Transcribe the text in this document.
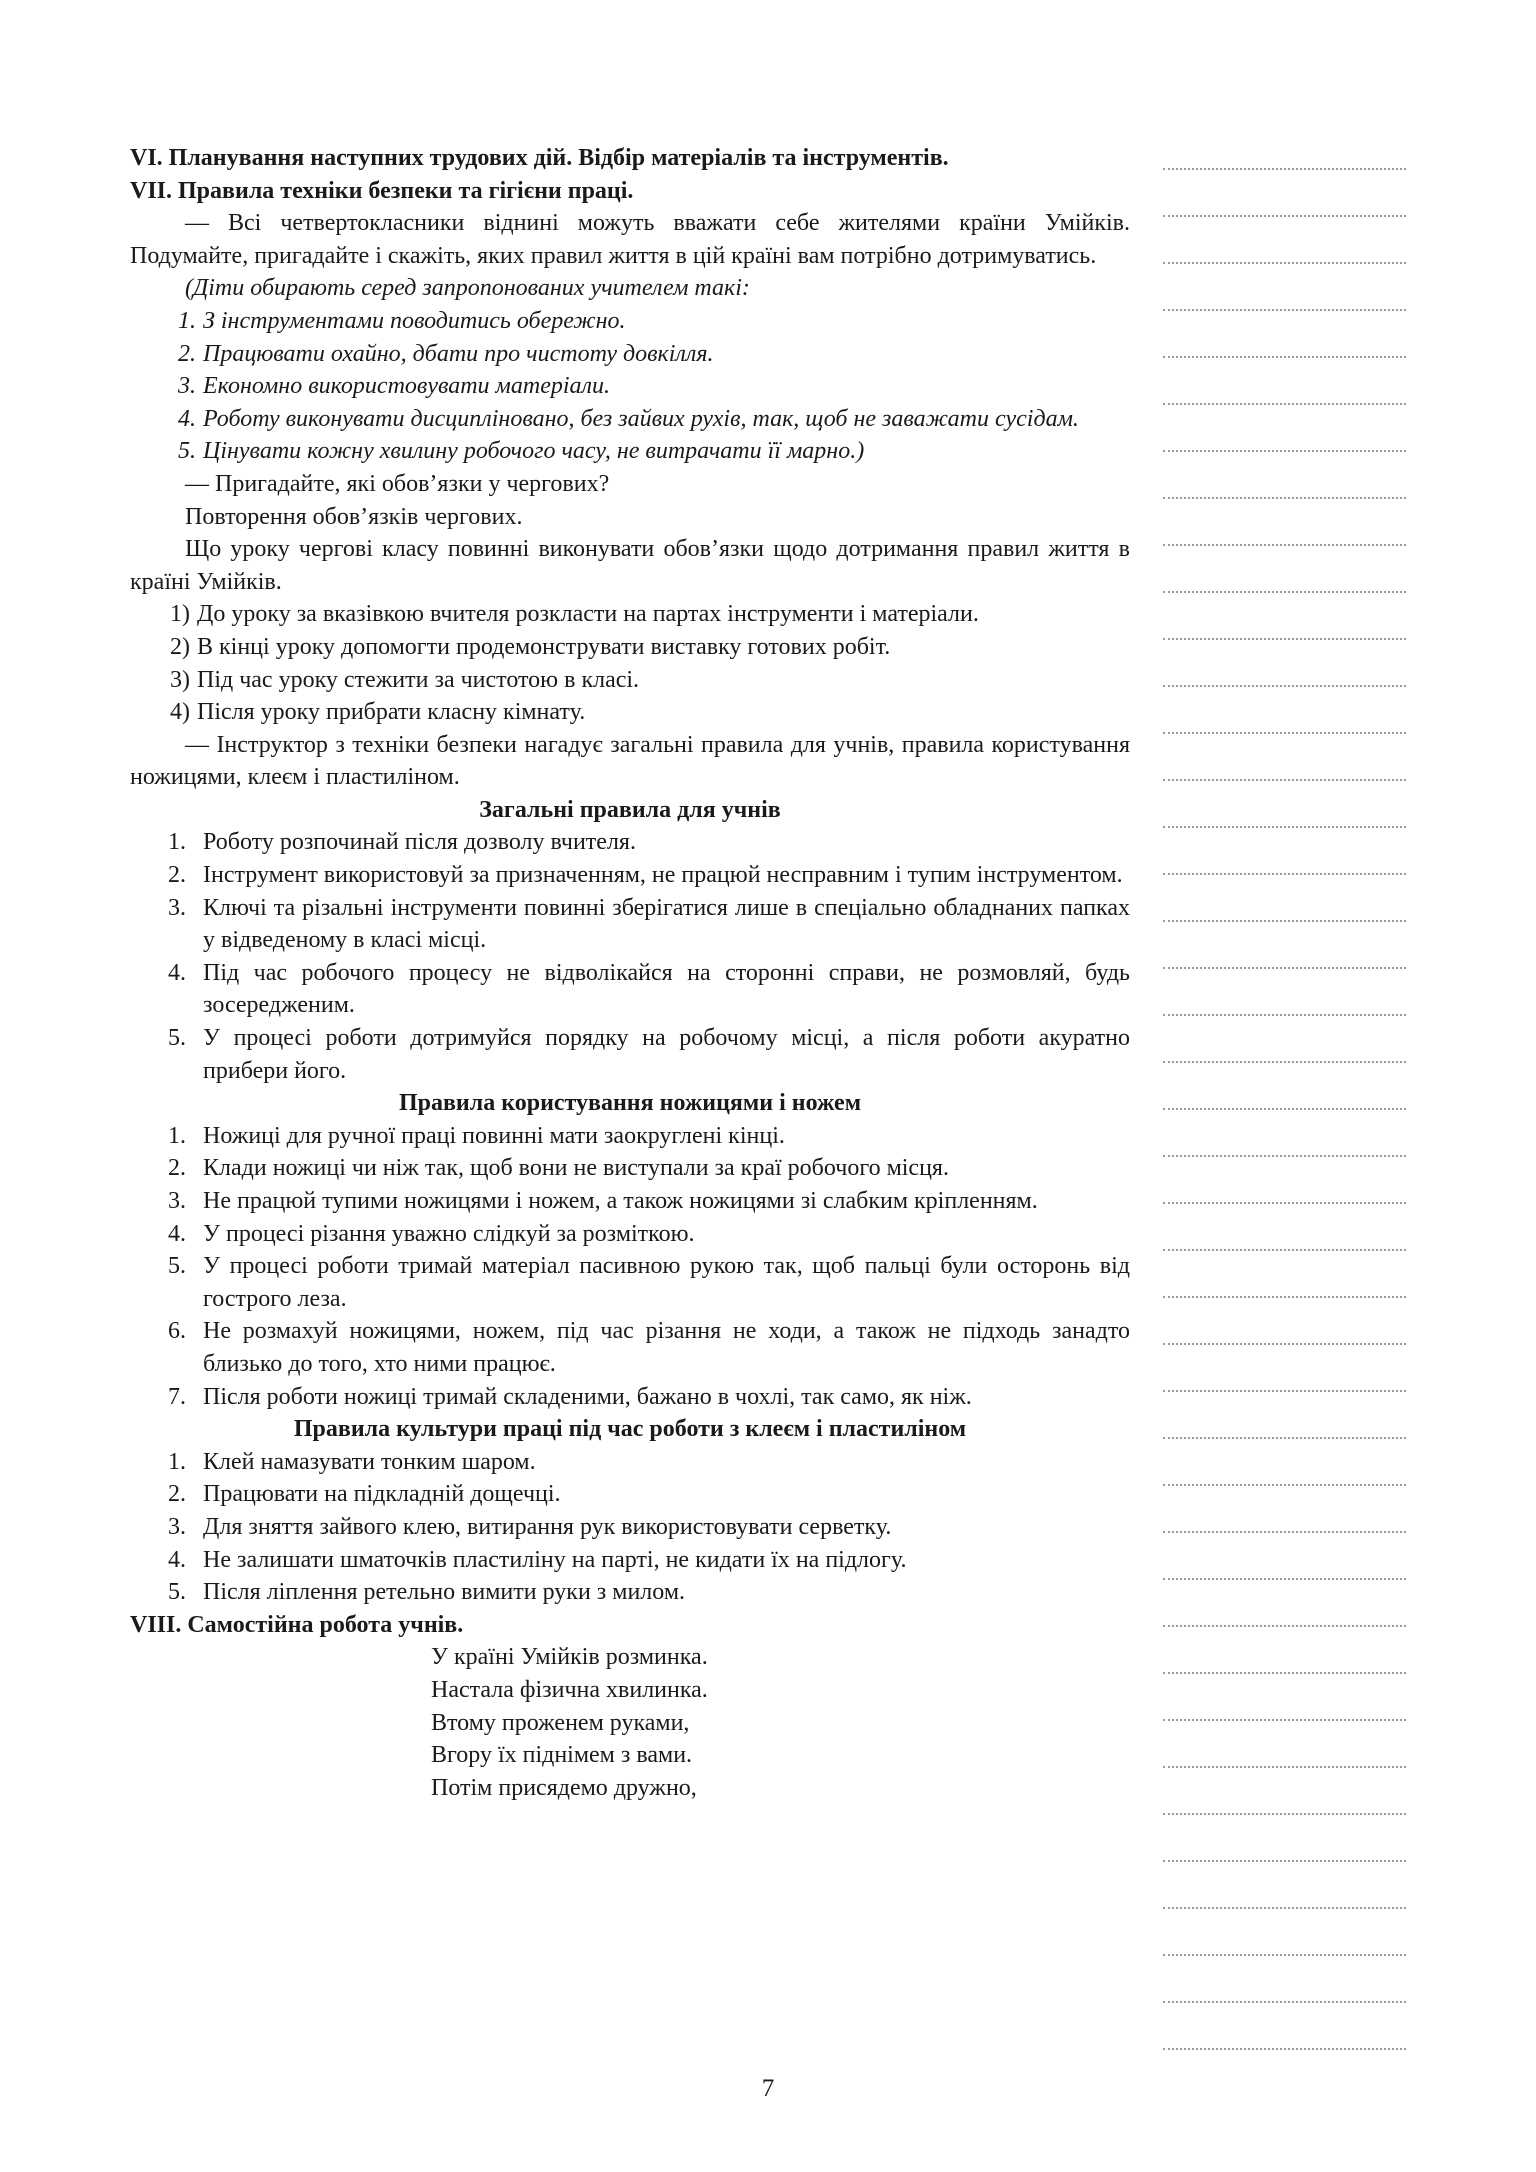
VI. Планування наступних трудових дій. Відбір матеріалів та інструментів.
VII. Правила техніки безпеки та гігієни праці.
— Всі четвертокласники віднині можуть вважати себе жителями країни Умійків. Подумайте, пригадайте і скажіть, яких правил життя в цій країні вам потрібно дотримуватись.
(Діти обирають серед запропонованих учителем такі:
1. З інструментами поводитись обережно.
2. Працювати охайно, дбати про чистоту довкілля.
3. Економно використовувати матеріали.
4. Роботу виконувати дисципліновано, без зайвих рухів, так, щоб не заважати сусідам.
5. Цінувати кожну хвилину робочого часу, не витрачати її марно.)
— Пригадайте, які обов’язки у чергових?
Повторення обов’язків чергових.
Що уроку чергові класу повинні виконувати обов’язки щодо дотримання правил життя в країні Умійків.
1) До уроку за вказівкою вчителя розкласти на партах інструменти і матеріали.
2) В кінці уроку допомогти продемонструвати виставку готових робіт.
3) Під час уроку стежити за чистотою в класі.
4) Після уроку прибрати класну кімнату.
— Інструктор з техніки безпеки нагадує загальні правила для учнів, правила користування ножицями, клеєм і пластиліном.
Загальні правила для учнів
1. Роботу розпочинай після дозволу вчителя.
2. Інструмент використовуй за призначенням, не працюй несправним і тупим інструментом.
3. Ключі та різальні інструменти повинні зберігатися лише в спеціально обладнаних папках у відведеному в класі місці.
4. Під час робочого процесу не відволікайся на сторонні справи, не розмовляй, будь зосередженим.
5. У процесі роботи дотримуйся порядку на робочому місці, а після роботи акуратно прибери його.
Правила користування ножицями і ножем
1. Ножиці для ручної праці повинні мати заокруглені кінці.
2. Клади ножиці чи ніж так, щоб вони не виступали за краї робочого місця.
3. Не працюй тупими ножицями і ножем, а також ножицями зі слабким кріпленням.
4. У процесі різання уважно слідкуй за розміткою.
5. У процесі роботи тримай матеріал пасивною рукою так, щоб пальці були осторонь від гострого леза.
6. Не розмахуй ножицями, ножем, під час різання не ходи, а також не підходь занадто близько до того, хто ними працює.
7. Після роботи ножиці тримай складеними, бажано в чохлі, так само, як ніж.
Правила культури праці під час роботи з клеєм і пластиліном
1. Клей намазувати тонким шаром.
2. Працювати на підкладній дощечці.
3. Для зняття зайвого клею, витирання рук використовувати серветку.
4. Не залишати шматочків пластиліну на парті, не кидати їх на підлогу.
5. Після ліплення ретельно вимити руки з милом.
VIII. Самостійна робота учнів.
У країні Умійків розминка.
Настала фізична хвилинка.
Втому проженем руками,
Вгору їх піднімем з вами.
Потім присядемо дружно,
7
